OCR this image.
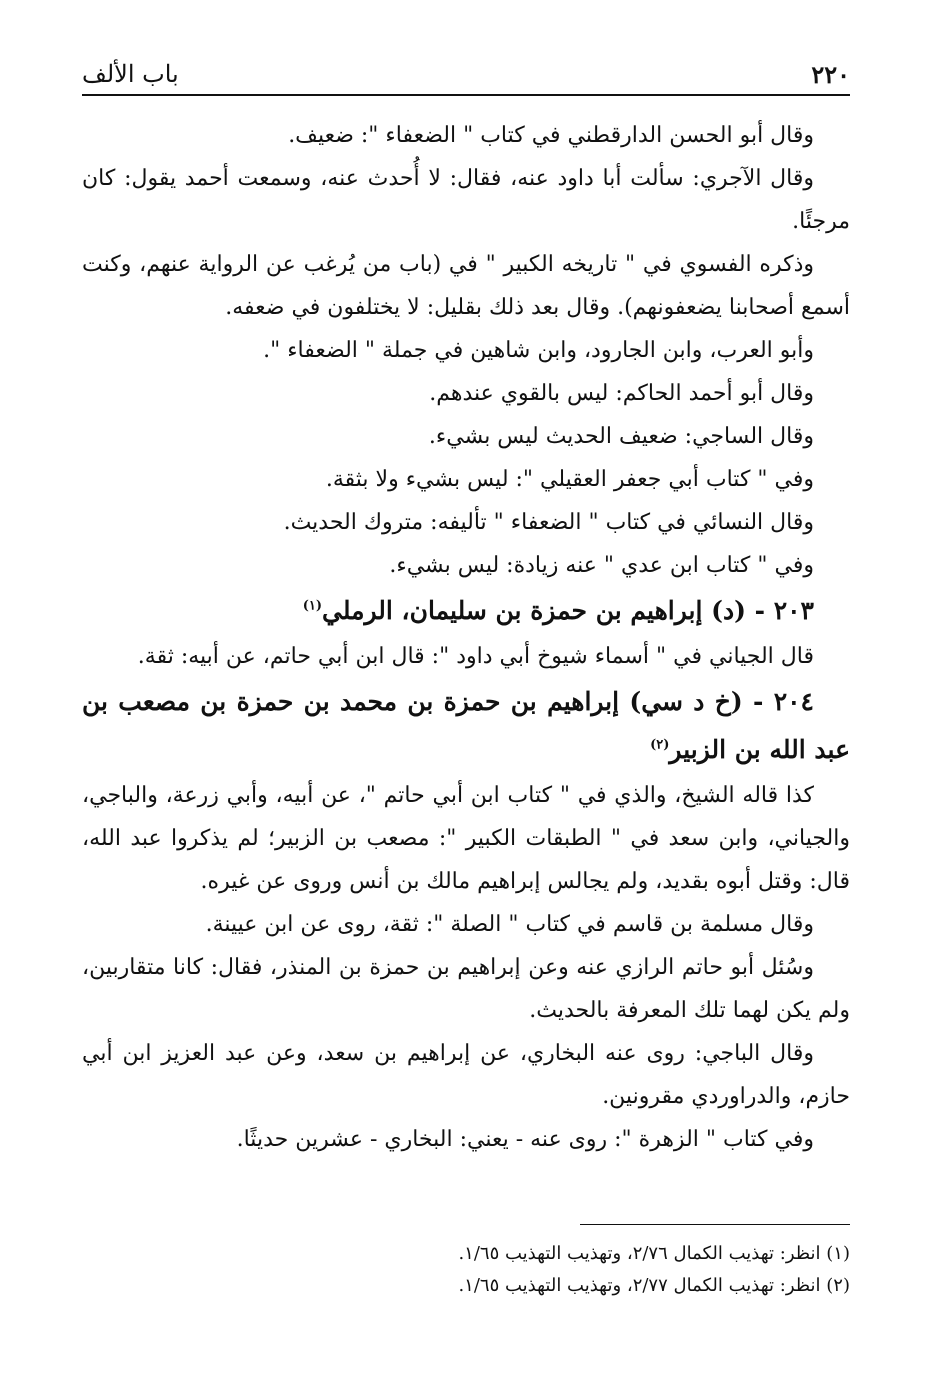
٢٢٠
باب الألف

وقال أبو الحسن الدارقطني في كتاب " الضعفاء ": ضعيف.

وقال الآجري: سألت أبا داود عنه، فقال: لا أُحدث عنه، وسمعت أحمد يقول: كان مرجئًا.

وذكره الفسوي في " تاريخه الكبير " في (باب من يُرغب عن الرواية عنهم، وكنت أسمع أصحابنا يضعفونهم). وقال بعد ذلك بقليل: لا يختلفون في ضعفه.

وأبو العرب، وابن الجارود، وابن شاهين في جملة " الضعفاء ".

وقال أبو أحمد الحاكم: ليس بالقوي عندهم.

وقال الساجي: ضعيف الحديث ليس بشيء.

وفي " كتاب أبي جعفر العقيلي ": ليس بشيء ولا بثقة.

وقال النسائي في كتاب " الضعفاء " تأليفه: متروك الحديث.

وفي " كتاب ابن عدي " عنه زيادة: ليس بشيء.

٢٠٣ - (د) إبراهيم بن حمزة بن سليمان، الرملي$^{(١)}$

قال الجياني في " أسماء شيوخ أبي داود ": قال ابن أبي حاتم، عن أبيه: ثقة.

٢٠٤ - (خ د سي) إبراهيم بن حمزة بن محمد بن حمزة بن مصعب بن عبد الله بن الزبير$^{(٢)}$

كذا قاله الشيخ، والذي في " كتاب ابن أبي حاتم "، عن أبيه، وأبي زرعة، والباجي، والجياني، وابن سعد في " الطبقات الكبير ": مصعب بن الزبير؛ لم يذكروا عبد الله، قال: وقتل أبوه بقديد، ولم يجالس إبراهيم مالك بن أنس وروى عن غيره.

وقال مسلمة بن قاسم في كتاب " الصلة ": ثقة، روى عن ابن عيينة.

وسُئل أبو حاتم الرازي عنه وعن إبراهيم بن حمزة بن المنذر، فقال: كانا متقاربين، ولم يكن لهما تلك المعرفة بالحديث.

وقال الباجي: روى عنه البخاري، عن إبراهيم بن سعد، وعن عبد العزيز ابن أبي حازم، والدراوردي مقرونين.

وفي كتاب " الزهرة ": روى عنه - يعني: البخاري - عشرين حديثًا.

(١) انظر: تهذيب الكمال ٢/٧٦، وتهذيب التهذيب ١/٦٥.

(٢) انظر: تهذيب الكمال ٢/٧٧، وتهذيب التهذيب ١/٦٥.
